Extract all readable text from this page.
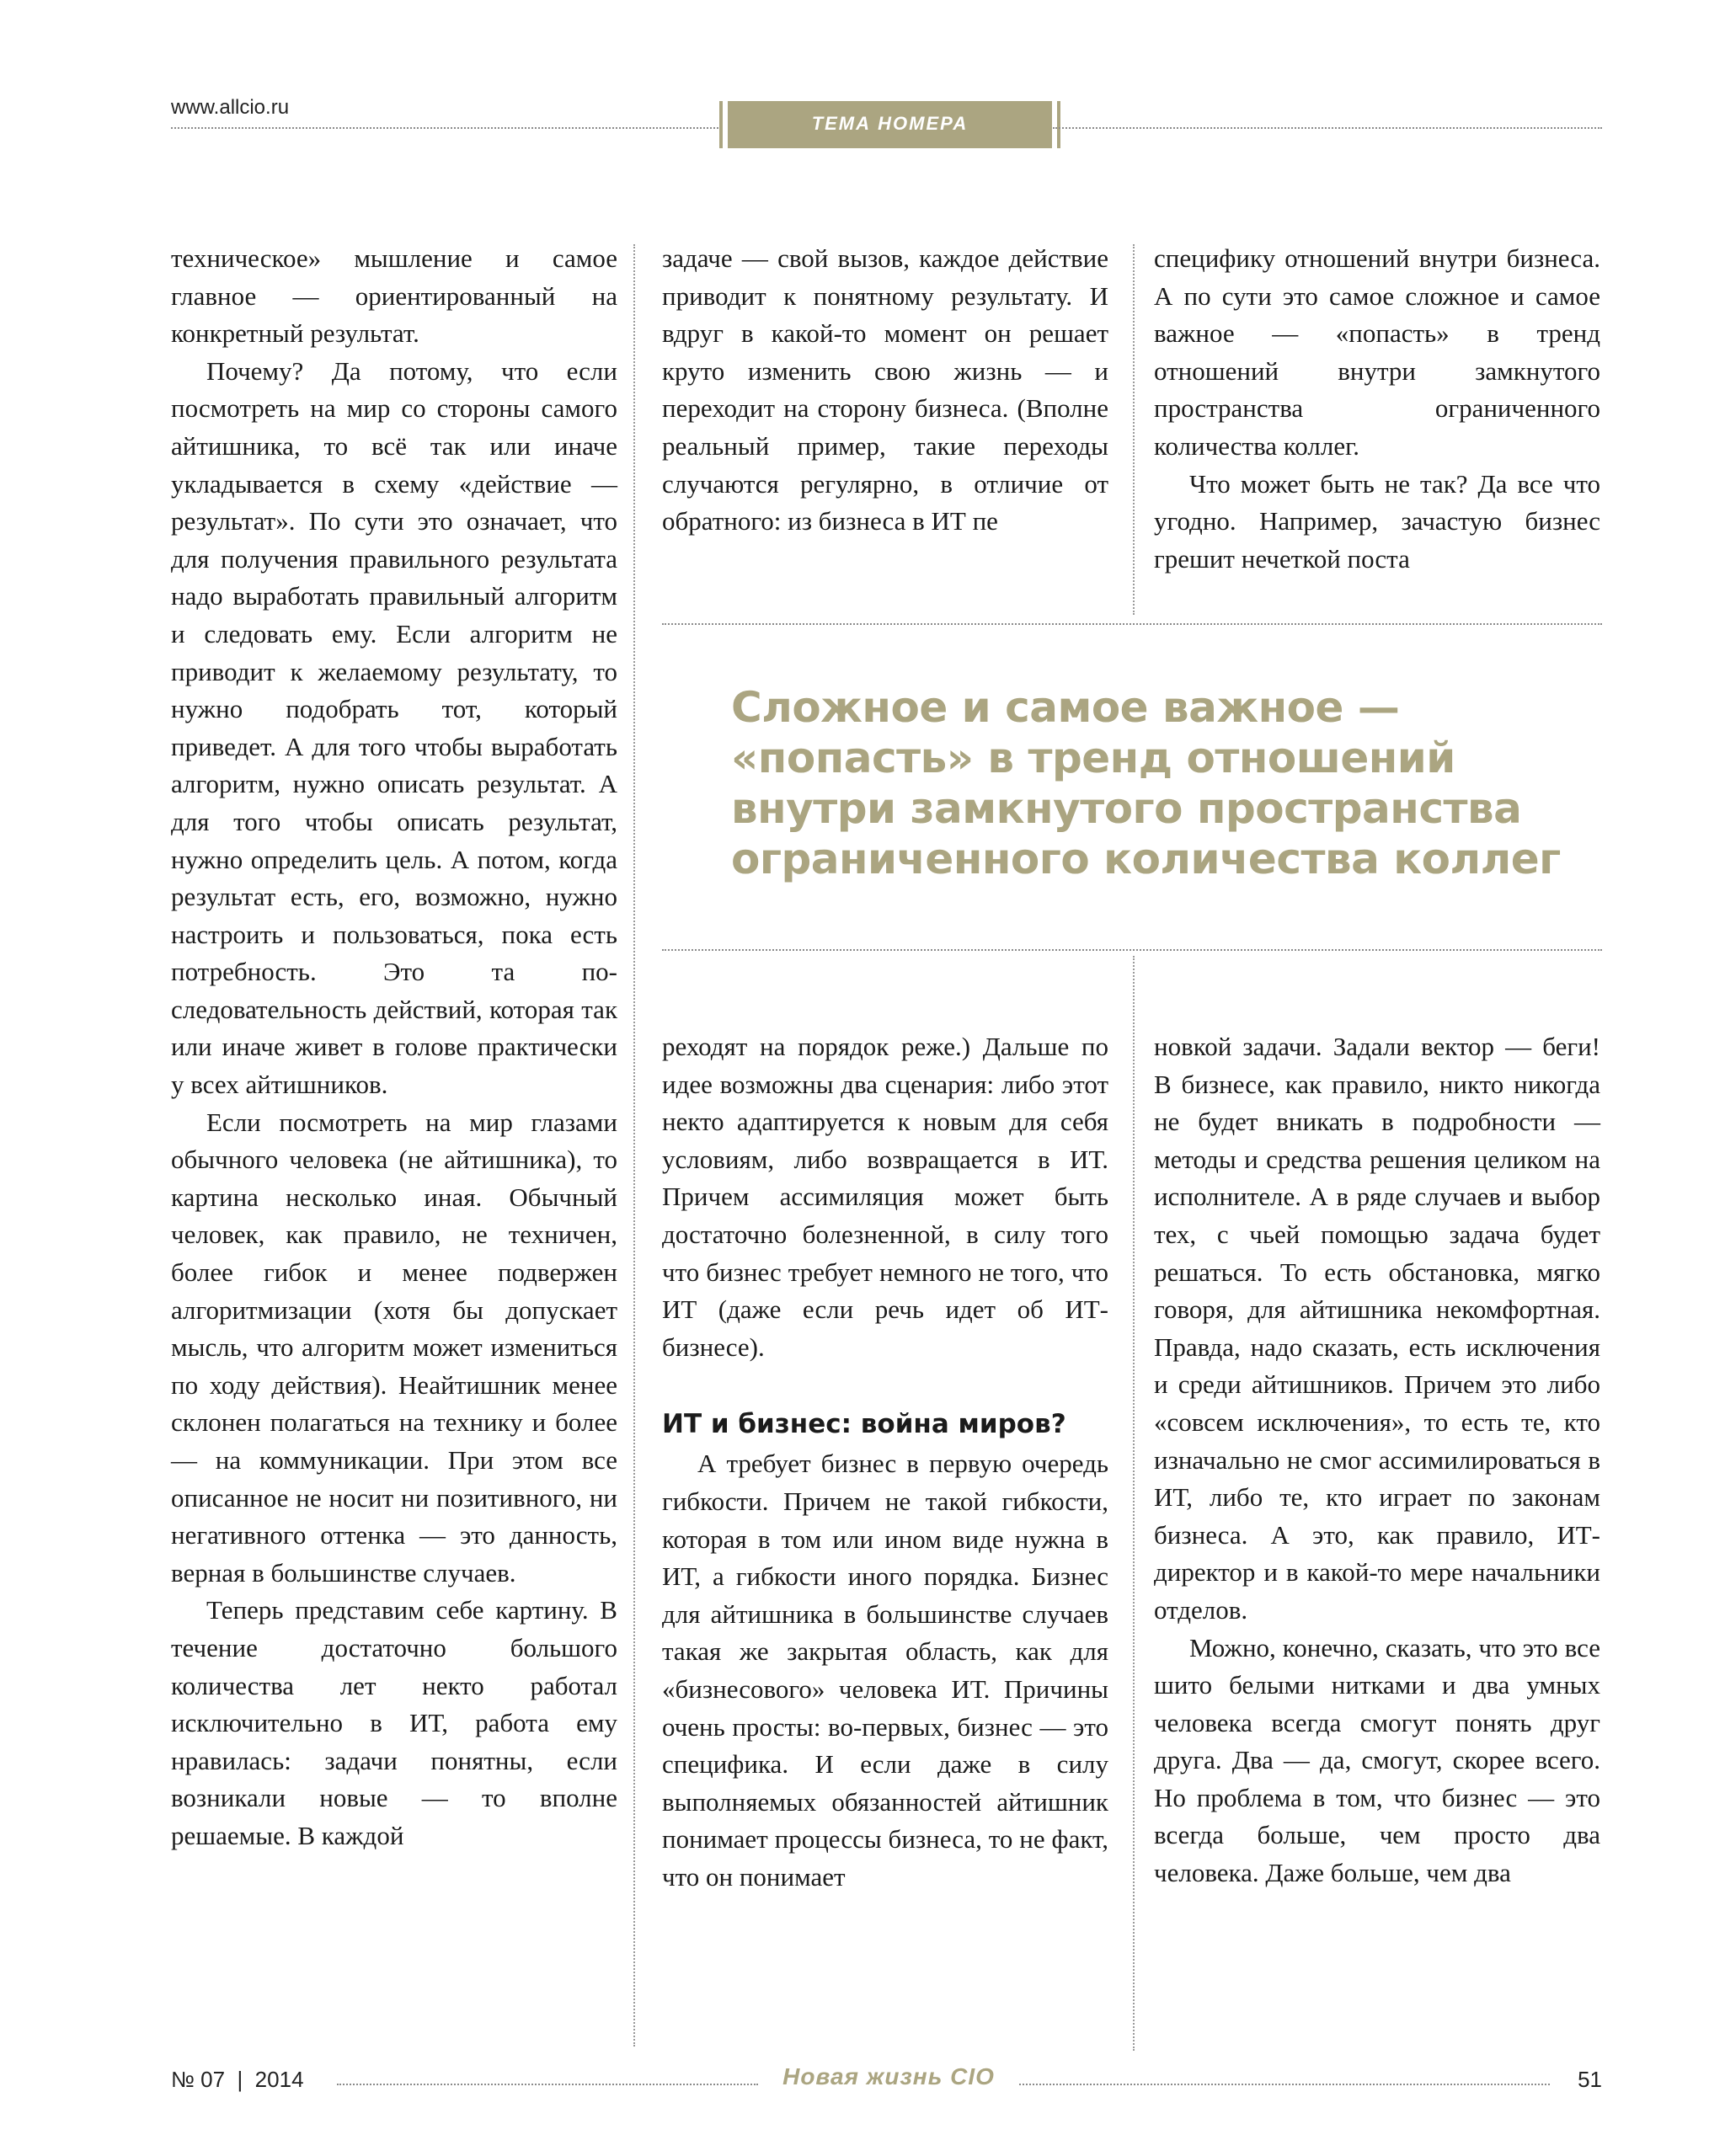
www.allcio.ru
ТЕМА НОМЕРА

техническое» мышление и самое главное — ориентированный на конкретный результат.

Почему? Да потому, что если посмотреть на мир со стороны самого айтишника, то всё так или иначе укладывается в схему «действие — результат». По сути это означает, что для получения правильного результата надо выработать правильный алгоритм и следовать ему. Если алгоритм не приводит к желаемому результату, то нужно подобрать тот, который приведет. А для того чтобы выработать алгоритм, нужно описать результат. А для того чтобы описать результат, нужно определить цель. А потом, когда результат есть, его, возможно, нужно настроить и пользоваться, пока есть потребность. Это та последовательность действий, которая так или иначе живет в голове практически у всех айтишников.

Если посмотреть на мир глазами обычного человека (не айтишника), то картина несколько иная. Обычный человек, как правило, не техничен, более гибок и менее подвержен алгоритмизации (хотя бы допускает мысль, что алгоритм может измениться по ходу действия). Неайтишник менее склонен полагаться на технику и более — на коммуникации. При этом все описанное не носит ни позитивного, ни негативного оттенка — это данность, верная в большинстве случаев.

Теперь представим себе картину. В течение достаточно большого количества лет некто работал исключительно в ИТ, работа ему нравилась: задачи понятны, если возникали новые — то вполне решаемые. В каждой

задаче — свой вызов, каждое действие приводит к понятному результату. И вдруг в какой-то момент он решает круто изменить свою жизнь — и переходит на сторону бизнеса. (Вполне реальный пример, такие переходы случаются регулярно, в отличие от обратного: из бизнеса в ИТ пе

специфику отношений внутри бизнеса. А по сути это самое сложное и самое важное — «попасть» в тренд отношений внутри замкнутого пространства ограниченного количества коллег.

Что может быть не так? Да все что угодно. Например, зачастую бизнес грешит нечеткой поста

Сложное и самое важное — «попасть» в тренд отношений внутри замкнутого пространства ограниченного количества коллег

реходят на порядок реже.) Дальше по идее возможны два сценария: либо этот некто адаптируется к новым для себя условиям, либо возвращается в ИТ. Причем ассимиляция может быть достаточно болезненной, в силу того что бизнес требует немного не того, что ИТ (даже если речь идет об ИТ-бизнесе).

ИТ и бизнес: война миров?

А требует бизнес в первую очередь гибкости. Причем не такой гибкости, которая в том или ином виде нужна в ИТ, а гибкости иного порядка. Бизнес для айтишника в большинстве случаев такая же закрытая область, как для «бизнесового» человека ИТ. Причины очень просты: во-первых, бизнес — это специфика. И если даже в силу выполняемых обязанностей айтишник понимает процессы бизнеса, то не факт, что он понимает

новкой задачи. Задали вектор — беги! В бизнесе, как правило, никто никогда не будет вникать в подробности — методы и средства решения целиком на исполнителе. А в ряде случаев и выбор тех, с чьей помощью задача будет решаться. То есть обстановка, мягко говоря, для айтишника некомфортная. Правда, надо сказать, есть исключения и среди айтишников. Причем это либо «совсем исключения», то есть те, кто изначально не смог ассимилироваться в ИТ, либо те, кто играет по законам бизнеса. А это, как правило, ИТ-директор и в какой-то мере начальники отделов.

Можно, конечно, сказать, что это все шито белыми нитками и два умных человека всегда смогут понять друг друга. Два — да, смогут, скорее всего. Но проблема в том, что бизнес — это всегда больше, чем просто два человека. Даже больше, чем два

№ 07  |  2014	Новая жизнь CIO	51
